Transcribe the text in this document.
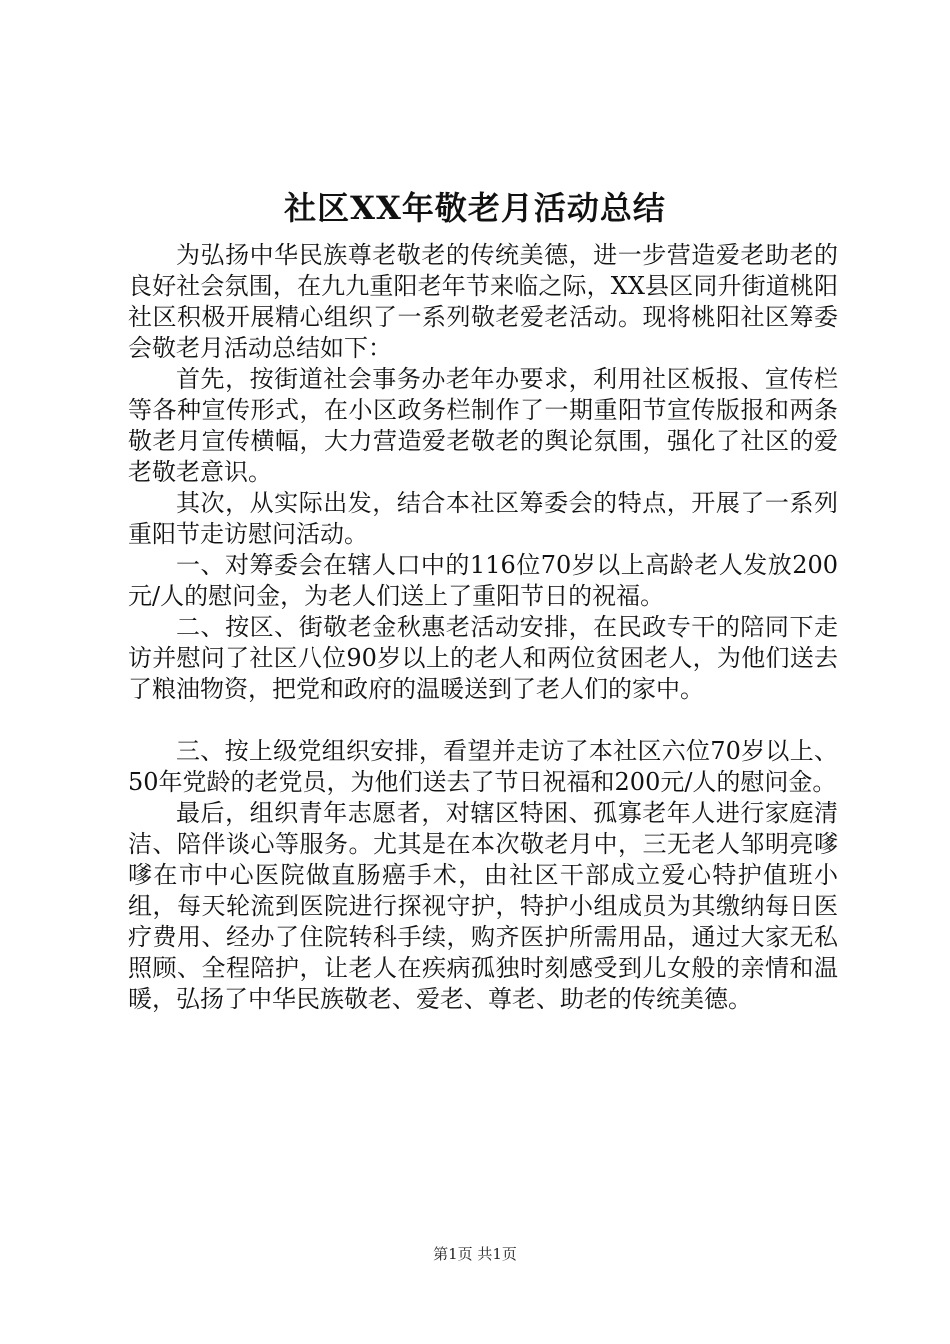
社区XX年敬老月活动总结

为弘扬中华民族尊老敬老的传统美德，进一步营造爱老助老的良好社会氛围，在九九重阳老年节来临之际，XX县区同升街道桃阳社区积极开展精心组织了一系列敬老爱老活动。现将桃阳社区筹委会敬老月活动总结如下：

首先，按街道社会事务办老年办要求，利用社区板报、宣传栏等各种宣传形式，在小区政务栏制作了一期重阳节宣传版报和两条敬老月宣传横幅，大力营造爱老敬老的舆论氛围，强化了社区的爱老敬老意识。

其次，从实际出发，结合本社区筹委会的特点，开展了一系列重阳节走访慰问活动。

一、对筹委会在辖人口中的116位70岁以上高龄老人发放200元/人的慰问金，为老人们送上了重阳节日的祝福。

二、按区、街敬老金秋惠老活动安排，在民政专干的陪同下走访并慰问了社区八位90岁以上的老人和两位贫困老人，为他们送去了粮油物资，把党和政府的温暖送到了老人们的家中。

三、按上级党组织安排，看望并走访了本社区六位70岁以上、50年党龄的老党员，为他们送去了节日祝福和200元/人的慰问金。

最后，组织青年志愿者，对辖区特困、孤寡老年人进行家庭清洁、陪伴谈心等服务。尤其是在本次敬老月中，三无老人邹明亮嗲嗲在市中心医院做直肠癌手术，由社区干部成立爱心特护值班小组，每天轮流到医院进行探视守护，特护小组成员为其缴纳每日医疗费用、经办了住院转科手续，购齐医护所需用品，通过大家无私照顾、全程陪护，让老人在疾病孤独时刻感受到儿女般的亲情和温暖，弘扬了中华民族敬老、爱老、尊老、助老的传统美德。

第1页 共1页
